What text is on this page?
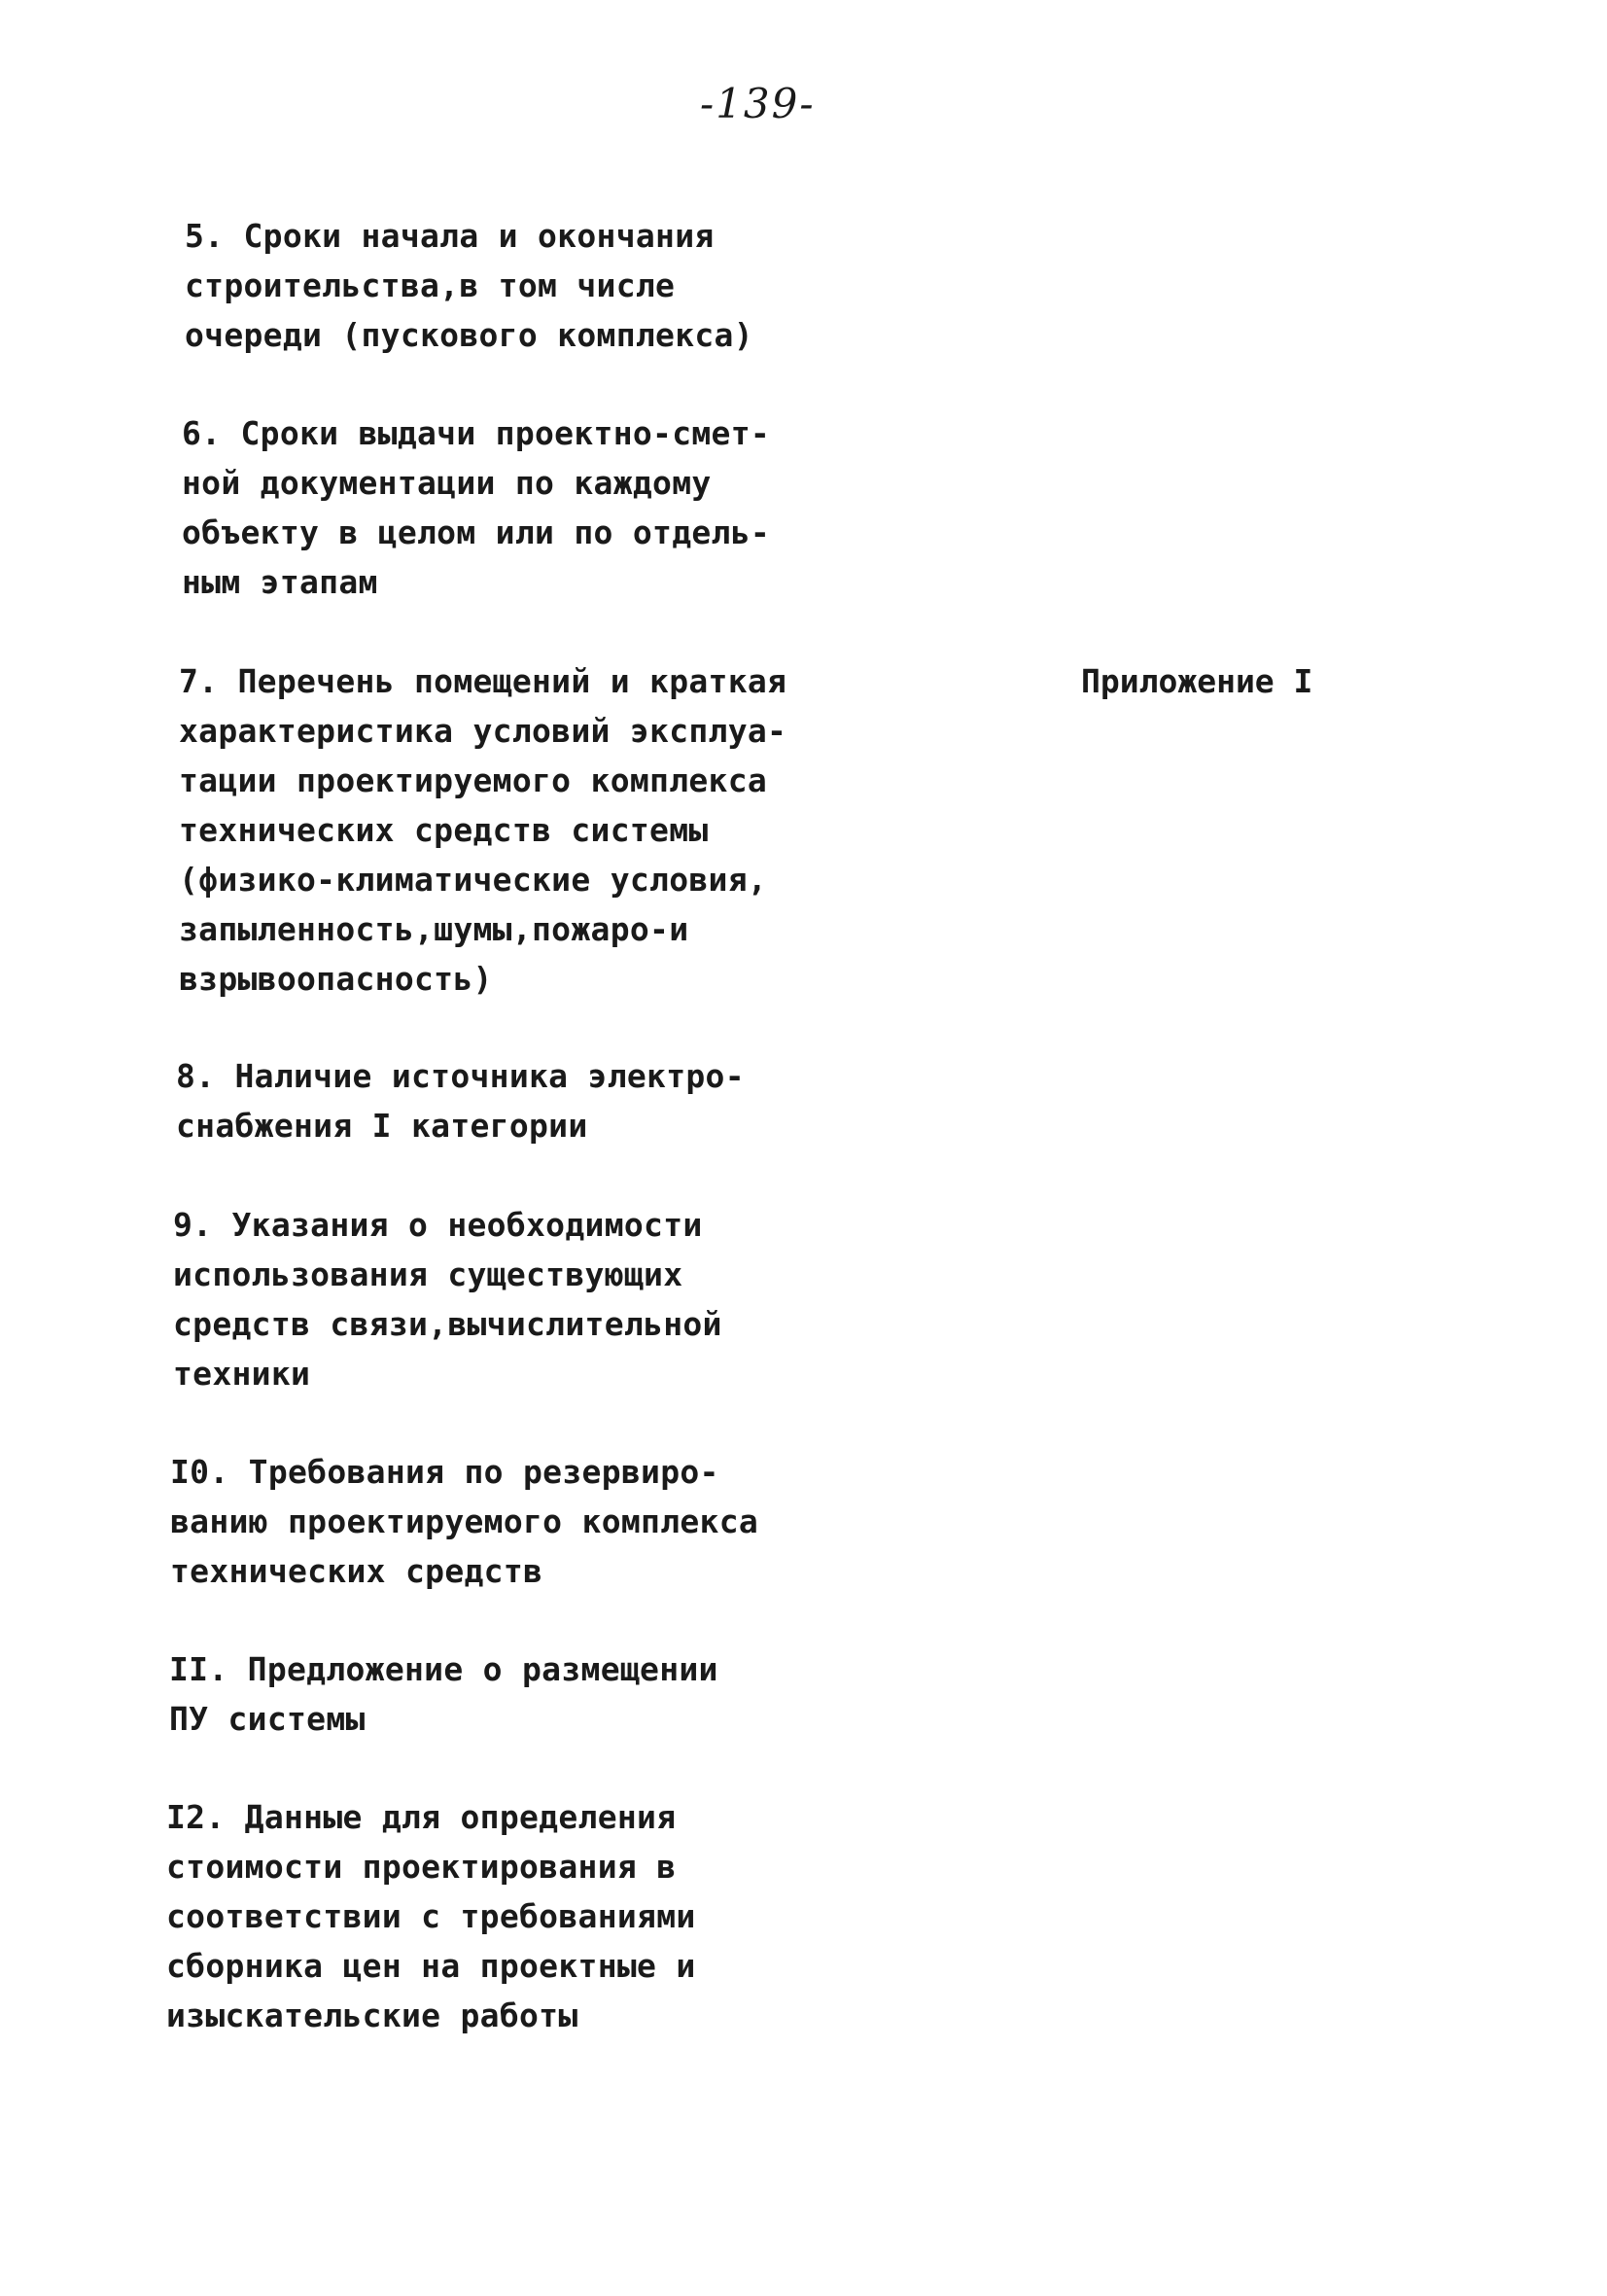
-139-

5. Сроки начала и окончания
строительства,в том числе
очереди (пускового комплекса)

6. Сроки выдачи проектно-смет-
ной документации по каждому
объекту в целом или по отдель-
ным этапам

7. Перечень помещений и краткая
характеристика условий эксплуа-
тации проектируемого комплекса
технических средств системы
(физико-климатические условия,
запыленность,шумы,пожаро-и
взрывоопасность)

Приложение I

8. Наличие источника электро-
снабжения I категории

9. Указания о необходимости
использования существующих
средств связи,вычислительной
техники

I0. Требования по резервиро-
ванию проектируемого комплекса
технических средств

II. Предложение о размещении
ПУ системы

I2. Данные для определения
стоимости проектирования в
соответствии с требованиями
сборника цен на проектные и
изыскательские работы
